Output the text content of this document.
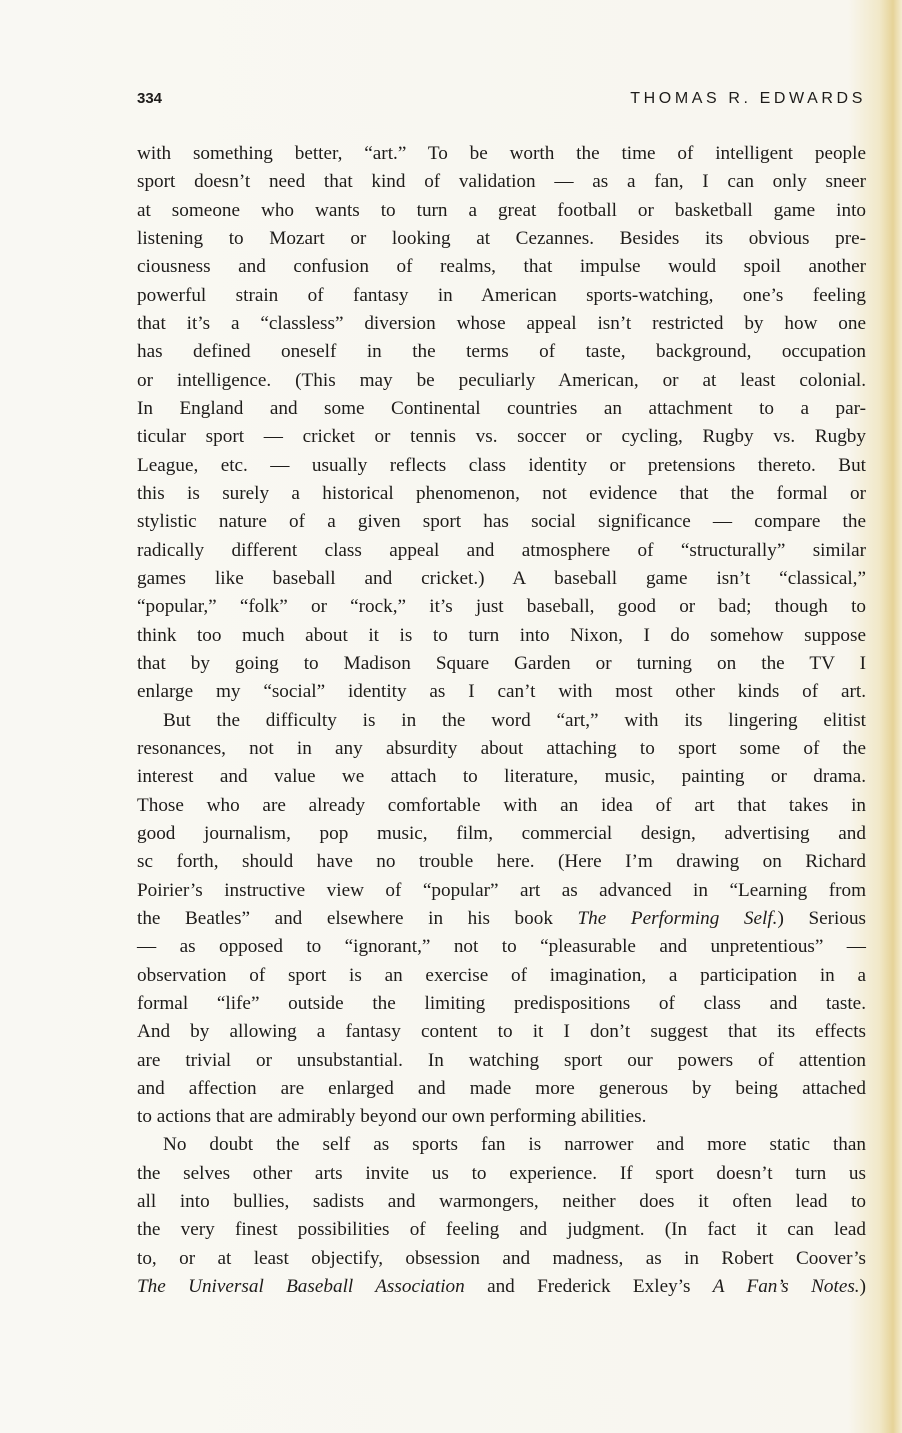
334	THOMAS R. EDWARDS
with something better, “art.” To be worth the time of intelligent people
sport doesn’t need that kind of validation — as a fan, I can only sneer
at someone who wants to turn a great football or basketball game into
listening to Mozart or looking at Cezannes. Besides its obvious pre-
ciousness and confusion of realms, that impulse would spoil another
powerful strain of fantasy in American sports-watching, one’s feeling
that it’s a “classless” diversion whose appeal isn’t restricted by how one
has defined oneself in the terms of taste, background, occupation
or intelligence. (This may be peculiarly American, or at least colonial.
In England and some Continental countries an attachment to a par-
ticular sport — cricket or tennis vs. soccer or cycling, Rugby vs. Rugby
League, etc. — usually reflects class identity or pretensions thereto. But
this is surely a historical phenomenon, not evidence that the formal or
stylistic nature of a given sport has social significance — compare the
radically different class appeal and atmosphere of “structurally” similar
games like baseball and cricket.) A baseball game isn’t “classical,”
“popular,” “folk” or “rock,” it’s just baseball, good or bad; though to
think too much about it is to turn into Nixon, I do somehow suppose
that by going to Madison Square Garden or turning on the TV I
enlarge my “social” identity as I can’t with most other kinds of art.
But the difficulty is in the word “art,” with its lingering elitist
resonances, not in any absurdity about attaching to sport some of the
interest and value we attach to literature, music, painting or drama.
Those who are already comfortable with an idea of art that takes in
good journalism, pop music, film, commercial design, advertising and
sc forth, should have no trouble here. (Here I’m drawing on Richard
Poirier’s instructive view of “popular” art as advanced in “Learning from
the Beatles” and elsewhere in his book The Performing Self.) Serious
— as opposed to “ignorant,” not to “pleasurable and unpretentious” —
observation of sport is an exercise of imagination, a participation in a
formal “life” outside the limiting predispositions of class and taste.
And by allowing a fantasy content to it I don’t suggest that its effects
are trivial or unsubstantial. In watching sport our powers of attention
and affection are enlarged and made more generous by being attached
to actions that are admirably beyond our own performing abilities.
No doubt the self as sports fan is narrower and more static than
the selves other arts invite us to experience. If sport doesn’t turn us
all into bullies, sadists and warmongers, neither does it often lead to
the very finest possibilities of feeling and judgment. (In fact it can lead
to, or at least objectify, obsession and madness, as in Robert Coover’s
The Universal Baseball Association and Frederick Exley’s A Fan’s Notes.)
